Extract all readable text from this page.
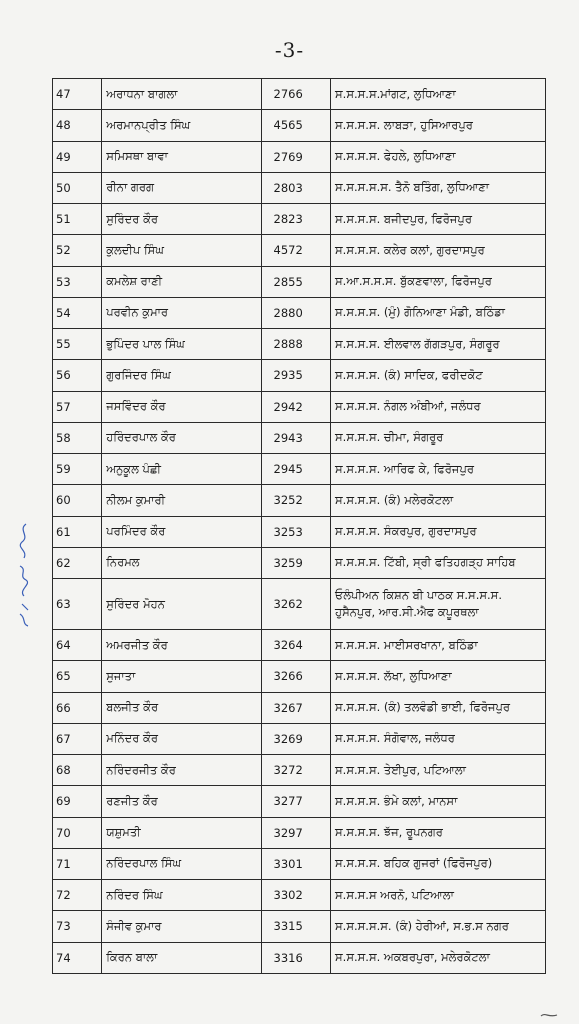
-3-
47	ਅਰਾਧਨਾ ਬਾਗਲਾ	2766	ਸ.ਸ.ਸ.ਸ.ਮਾਂਗਟ, ਲੁਧਿਆਣਾ
48	ਅਰਮਾਨਪ੍ਰੀਤ ਸਿੰਘ	4565	ਸ.ਸ.ਸ.ਸ. ਲਾਬੜਾ, ਹੁਸਿਆਰਪੁਰ
49	ਸਮਿਸਥਾ ਬਾਵਾ	2769	ਸ.ਸ.ਸ.ਸ. ਫੇਹਲੇ, ਲੁਧਿਆਣਾ
50	ਰੀਨਾ ਗਰਗ	2803	ਸ.ਸ.ਸ.ਸ.ਸ. ਤੈਨੋ ਬਤਿੰਗ, ਲੁਧਿਆਣਾ
51	ਸੁਰਿੰਦਰ ਕੌਰ	2823	ਸ.ਸ.ਸ.ਸ. ਬਜੀਦਪੁਰ, ਫਿਰੋਜਪੁਰ
52	ਕੁਲਦੀਪ ਸਿੰਘ	4572	ਸ.ਸ.ਸ.ਸ. ਕਲੇਰ ਕਲਾਂ, ਗੁਰਦਾਸਪੁਰ
53	ਕਮਲੇਸ਼ ਰਾਣੀ	2855	ਸ.ਆ.ਸ.ਸ.ਸ. ਬੁੱਕਣਵਾਲਾ, ਫਿਰੋਜਪੁਰ
54	ਪਰਵੀਨ ਕੁਮਾਰ	2880	ਸ.ਸ.ਸ.ਸ. (ਮੁੰ) ਗੋਨਿਆਣਾ ਮੰਡੀ, ਬਠਿੰਡਾ
55	ਭੁਪਿੰਦਰ ਪਾਲ ਸਿੰਘ	2888	ਸ.ਸ.ਸ.ਸ. ਈਲਵਾਲ ਗੱਗੜਪੁਰ, ਸੰਗਰੂਰ
56	ਗੁਰਜਿੰਦਰ ਸਿੰਘ	2935	ਸ.ਸ.ਸ.ਸ. (ਕੰ) ਸਾਦਿਕ, ਫਰੀਦਕੋਟ
57	ਜਸਵਿੰਦਰ ਕੌਰ	2942	ਸ.ਸ.ਸ.ਸ. ਨੰਗਲ ਅੰਬੀਆਂ, ਜਲੰਧਰ
58	ਹਰਿੰਦਰਪਾਲ ਕੌਰ	2943	ਸ.ਸ.ਸ.ਸ. ਚੀਮਾ, ਸੰਗਰੂਰ
59	ਅਨੁਕੂਲ ਪੰਛੀ	2945	ਸ.ਸ.ਸ.ਸ. ਆਰਿਫ ਕੇ, ਫਿਰੋਜਪੁਰ
60	ਨੀਲਮ ਕੁਮਾਰੀ	3252	ਸ.ਸ.ਸ.ਸ. (ਕੰ) ਮਲੇਰਕੋਟਲਾ
61	ਪਰਮਿੰਦਰ ਕੌਰ	3253	ਸ.ਸ.ਸ.ਸ. ਸੰਕਰਪੁਰ, ਗੁਰਦਾਸਪੁਰ
62	ਨਿਰਮਲ	3259	ਸ.ਸ.ਸ.ਸ. ਟਿੱਬੀ, ਸ੍ਰੀ ਫਤਿਹਗੜ੍ਹ ਸਾਹਿਬ
63	ਸੁਰਿੰਦਰ ਮੋਹਨ	3262	ਓਲੰਪੀਅਨ ਕਿਸ਼ਨ ਬੀ ਪਾਠਕ ਸ.ਸ.ਸ.ਸ. ਹੁਸੈਨਪੁਰ, ਆਰ.ਸੀ.ਐਫ ਕਪੂਰਥਲਾ
64	ਅਮਰਜੀਤ ਕੌਰ	3264	ਸ.ਸ.ਸ.ਸ. ਮਾਈਸਰਖਾਨਾ, ਬਠਿੰਡਾ
65	ਸੁਜਾਤਾ	3266	ਸ.ਸ.ਸ.ਸ. ਲੱਖਾ, ਲੁਧਿਆਣਾ
66	ਬਲਜੀਤ ਕੌਰ	3267	ਸ.ਸ.ਸ.ਸ. (ਕੰ) ਤਲਵੰਡੀ ਭਾਈ, ਫਿਰੋਜਪੁਰ
67	ਮਨਿੰਦਰ ਕੌਰ	3269	ਸ.ਸ.ਸ.ਸ. ਸੰਗੋਵਾਲ, ਜਲੰਧਰ
68	ਨਰਿੰਦਰਜੀਤ ਕੌਰ	3272	ਸ.ਸ.ਸ.ਸ. ਤੇਈਪੁਰ, ਪਟਿਆਲਾ
69	ਰਣਜੀਤ ਕੌਰ	3277	ਸ.ਸ.ਸ.ਸ. ਭੰਮੇ ਕਲਾਂ, ਮਾਨਸਾ
70	ਯਸ਼ੁਮਤੀ	3297	ਸ.ਸ.ਸ.ਸ. ਝੱਜ, ਰੂਪਨਗਰ
71	ਨਰਿੰਦਰਪਾਲ ਸਿੰਘ	3301	ਸ.ਸ.ਸ.ਸ. ਬਹਿਕ ਗੁਜਰਾਂ (ਫਿਰੋਜਪੁਰ)
72	ਨਰਿੰਦਰ ਸਿੰਘ	3302	ਸ.ਸ.ਸ.ਸ ਅਰਨੋ, ਪਟਿਆਲਾ
73	ਸੰਜੀਵ ਕੁਮਾਰ	3315	ਸ.ਸ.ਸ.ਸ.ਸ. (ਕੰ) ਹੇਰੀਆਂ, ਸ.ਭ.ਸ ਨਗਰ
74	ਕਿਰਨ ਬਾਲਾ	3316	ਸ.ਸ.ਸ.ਸ. ਅਕਬਰਪੁਰਾ, ਮਲੇਰਕੋਟਲਾ
